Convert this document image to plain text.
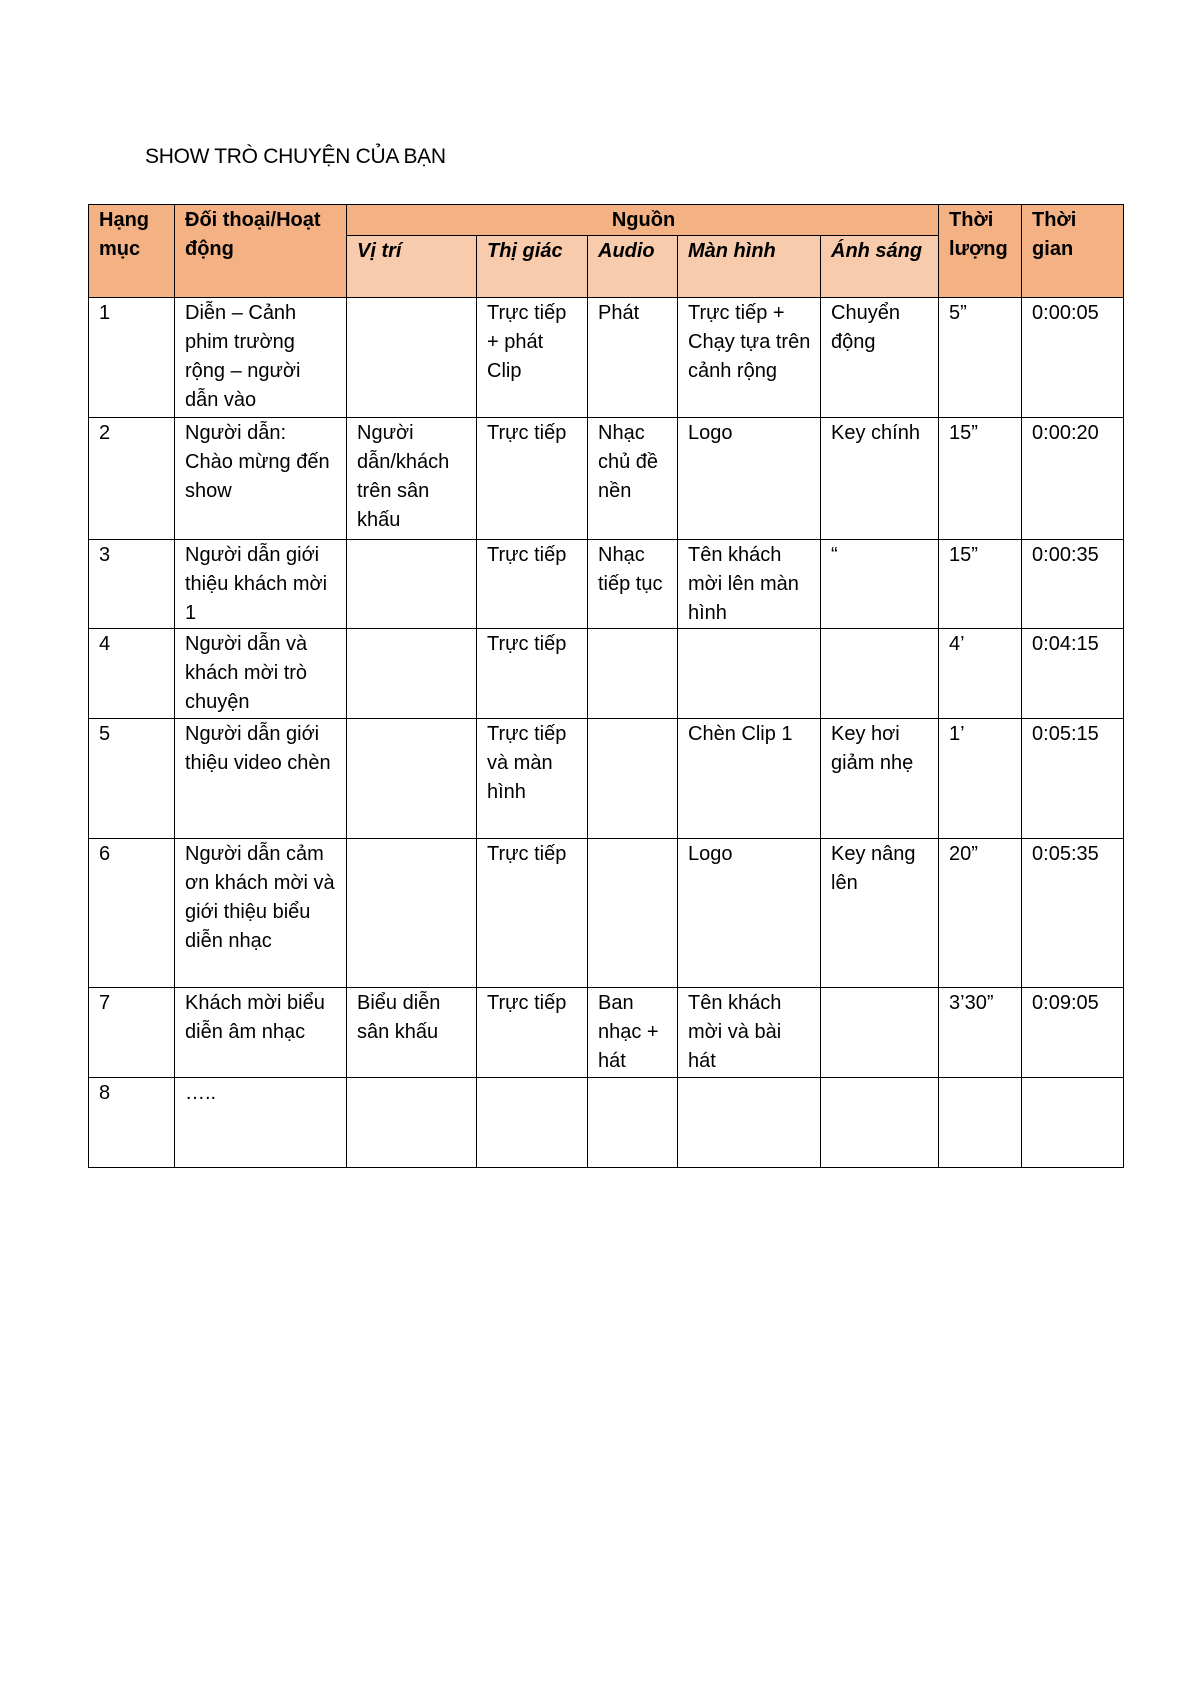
SHOW TRÒ CHUYỆN CỦA BẠN
Hạng mục	Đối thoại/Hoạt động	Nguồn					Thời lượng	Thời gian
		Vị trí	Thị giác	Audio	Màn hình	Ánh sáng		
1	Diễn – Cảnh phim trường rộng – người dẫn vào		Trực tiếp + phát Clip	Phát	Trực tiếp + Chạy tựa trên cảnh rộng	Chuyển động	5”	0:00:05
2	Người dẫn: Chào mừng đến show	Người dẫn/khách trên sân khấu	Trực tiếp	Nhạc chủ đề nền	Logo	Key chính	15”	0:00:20
3	Người dẫn giới thiệu khách mời 1		Trực tiếp	Nhạc tiếp tục	Tên khách mời lên màn hình	“	15”	0:00:35
4	Người dẫn và khách mời trò chuyện		Trực tiếp				4’	0:04:15
5	Người dẫn giới thiệu video chèn		Trực tiếp và màn hình		Chèn Clip 1	Key hơi giảm nhẹ	1’	0:05:15
6	Người dẫn cảm ơn khách mời và giới thiệu biểu diễn nhạc		Trực tiếp		Logo	Key nâng lên	20”	0:05:35
7	Khách mời biểu diễn âm nhạc	Biểu diễn sân khấu	Trực tiếp	Ban nhạc + hát	Tên khách mời và bài hát		3’30”	0:09:05
8	…..							
